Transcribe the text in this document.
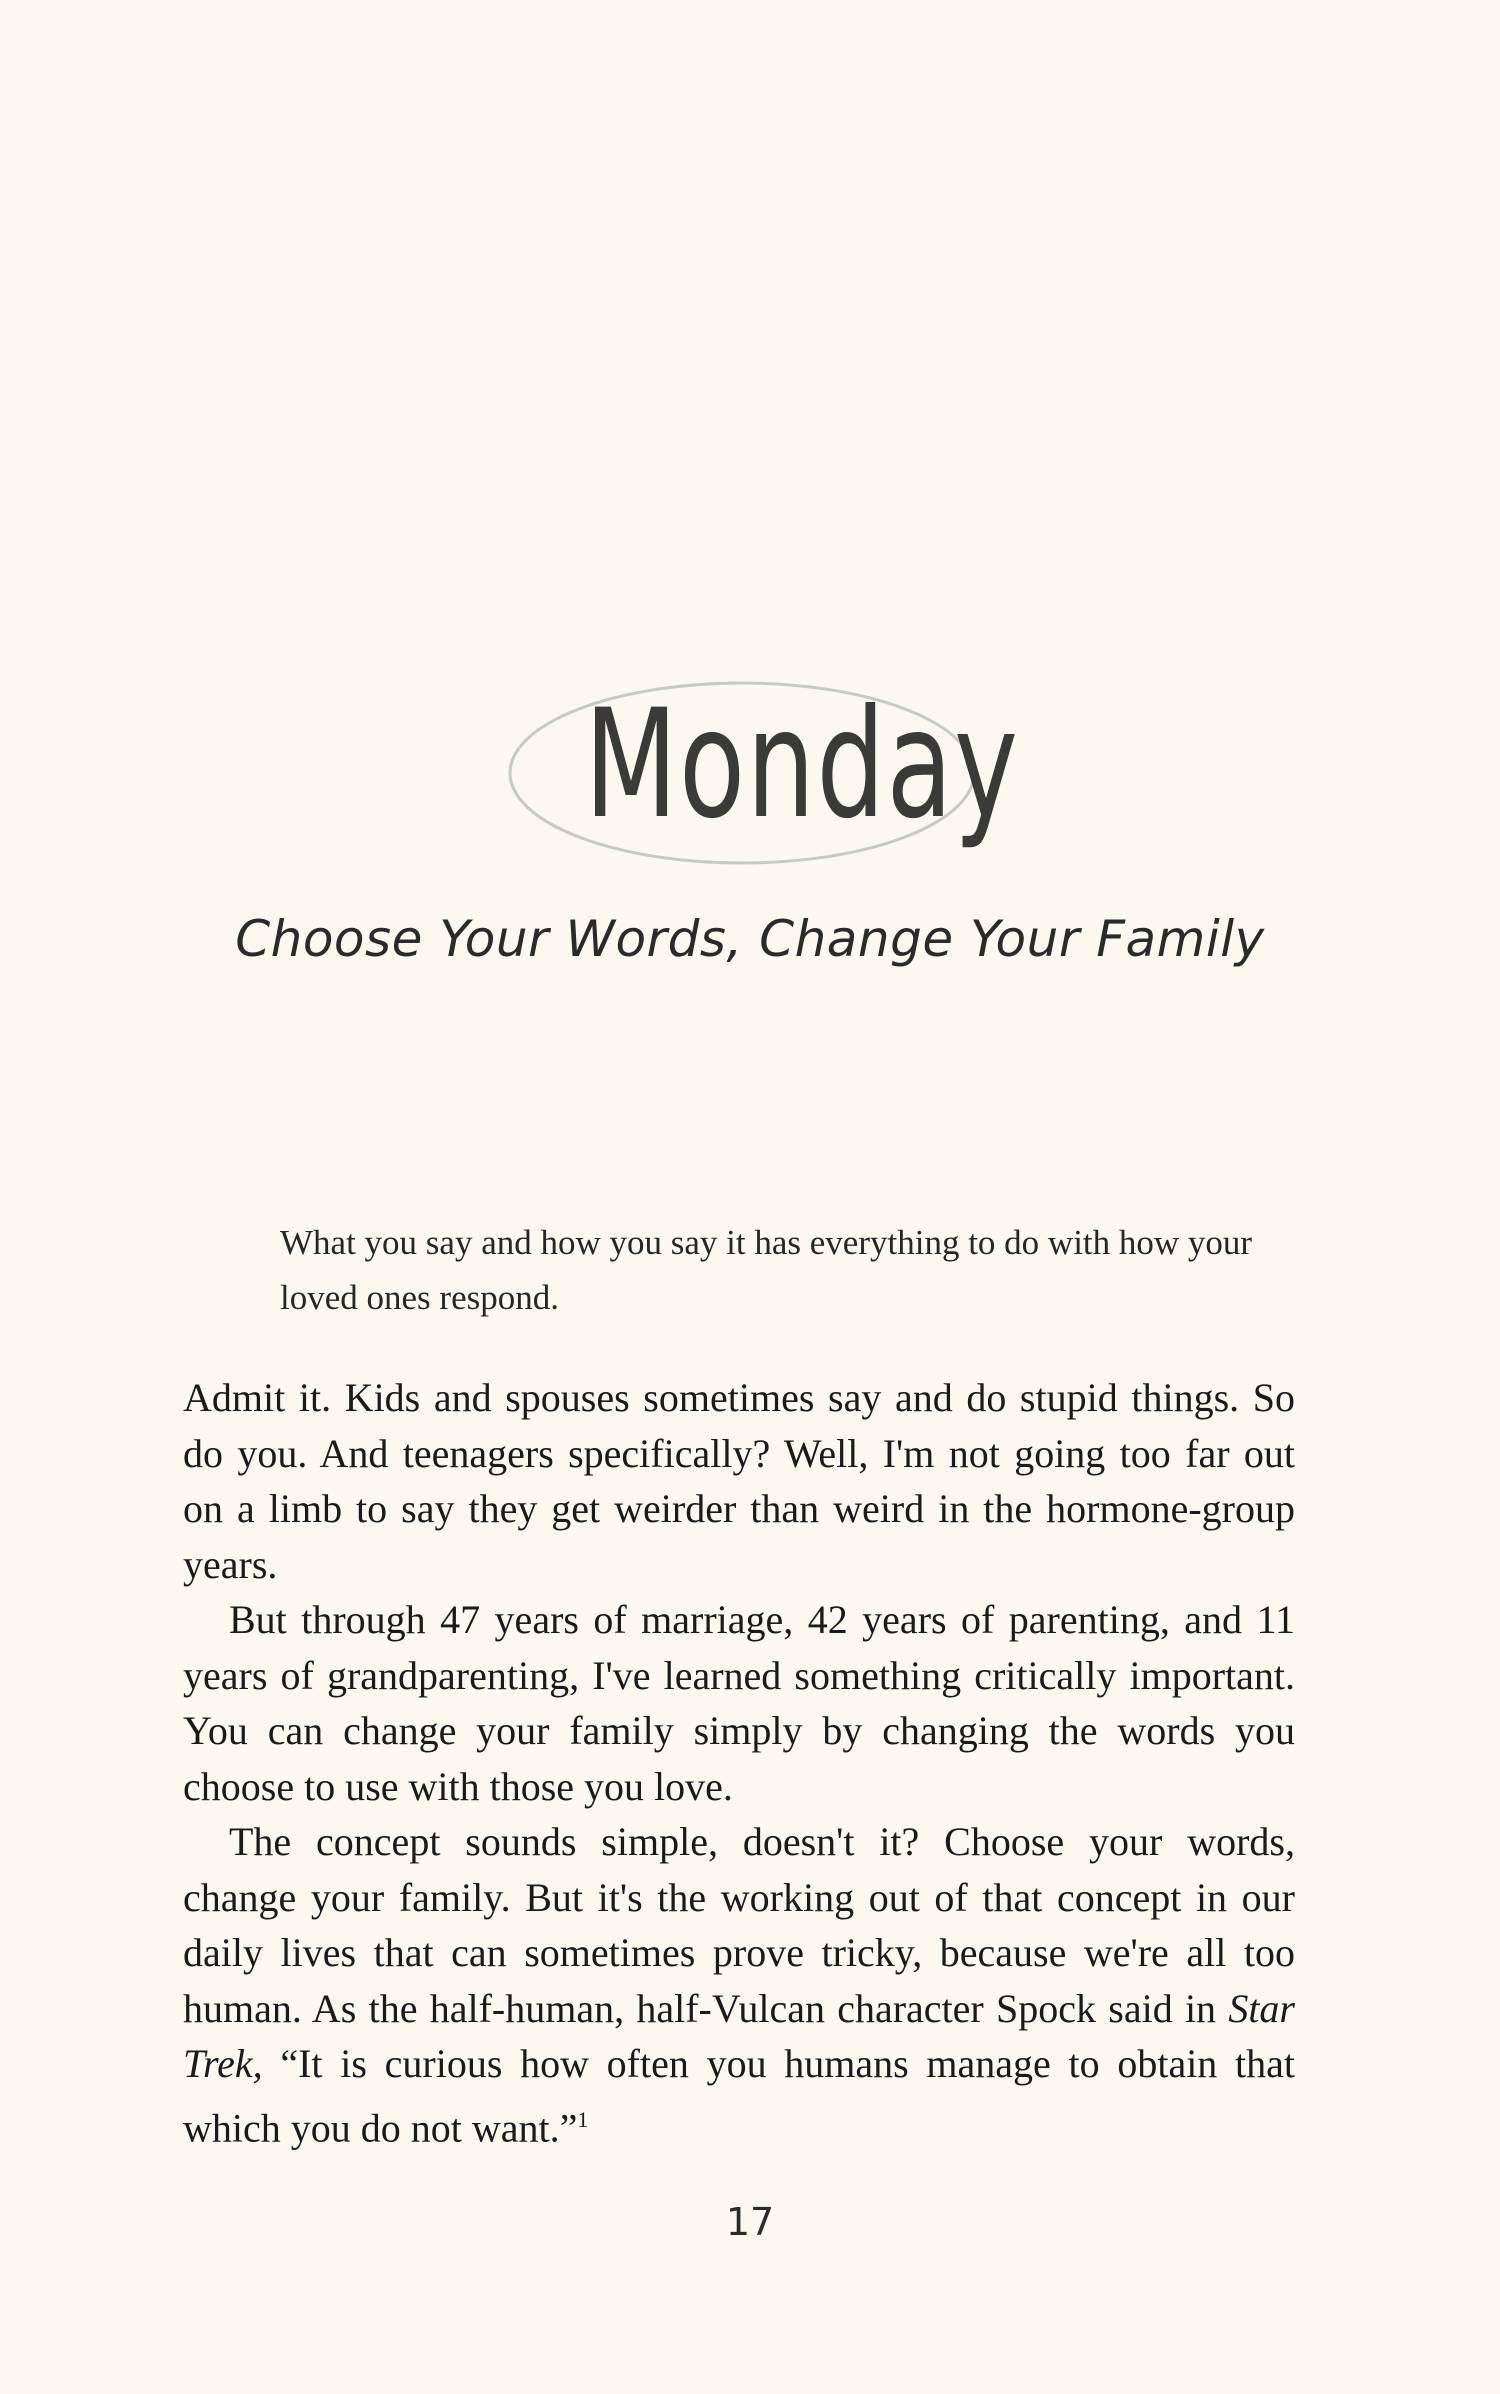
Monday
Choose Your Words, Change Your Family
What you say and how you say it has everything to do with how your loved ones respond.

Admit it. Kids and spouses sometimes say and do stupid things. So do you. And teenagers specifically? Well, I'm not going too far out on a limb to say they get weirder than weird in the hormone-group years.

But through 47 years of marriage, 42 years of parenting, and 11 years of grandparenting, I've learned something critically important. You can change your family simply by changing the words you choose to use with those you love.

The concept sounds simple, doesn't it? Choose your words, change your family. But it's the working out of that concept in our daily lives that can sometimes prove tricky, because we're all too human. As the half-human, half-Vulcan character Spock said in Star Trek, “It is curious how often you humans manage to obtain that which you do not want.”$^1$

17
